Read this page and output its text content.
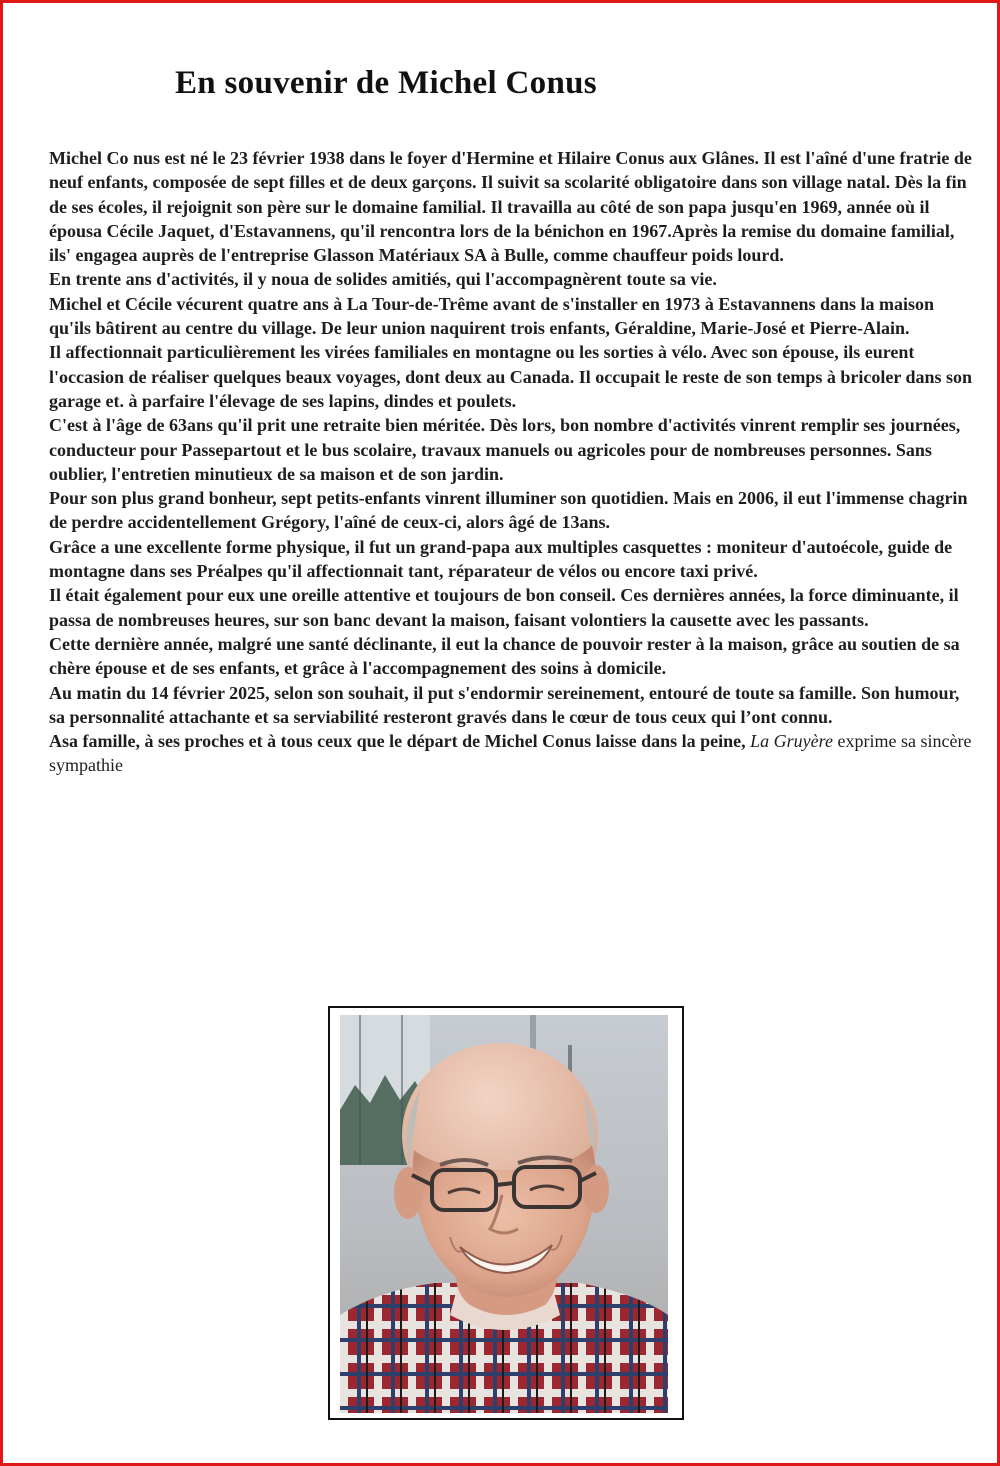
En souvenir de Michel Conus

Michel Co nus est né le 23 février 1938 dans le foyer d'Hermine et Hilaire Conus aux Glânes. Il est l'aîné d'une fratrie de neuf enfants, composée de sept filles et de deux garçons. Il suivit sa scolarité obligatoire dans son village natal. Dès la fin de ses écoles, il rejoignit son père sur le domaine familial. Il travailla au côté de son papa jusqu'en 1969, année où il épousa Cécile Jaquet, d'Estavannens, qu'il rencontra lors de la bénichon en 1967.Après la remise du domaine familial, ils' engagea auprès de l'entreprise Glasson Matériaux SA à Bulle, comme chauffeur poids lourd.

En trente ans d'activités, il y noua de solides amitiés, qui l'accompagnèrent toute sa vie.

Michel et Cécile vécurent quatre ans à La Tour-de-Trême avant de s'installer en 1973 à Estavannens dans la maison qu'ils bâtirent au centre du village. De leur union naquirent trois enfants, Géraldine, Marie-José et Pierre-Alain.

Il affectionnait particulièrement les virées familiales en montagne ou les sorties à vélo. Avec son épouse, ils eurent l'occasion de réaliser quelques beaux voyages, dont deux au Canada. Il occupait le reste de son temps à bricoler dans son garage et. à parfaire l'élevage de ses lapins, dindes et poulets.

C'est à l'âge de 63ans qu'il prit une retraite bien méritée. Dès lors, bon nombre d'activités vinrent remplir ses journées, conducteur pour Passepartout et le bus scolaire, travaux manuels ou agricoles pour de nombreuses personnes. Sans oublier, l'entretien minutieux de sa maison et de son jardin.

Pour son plus grand bonheur, sept petits-enfants vinrent illuminer son quotidien. Mais en 2006, il eut l'immense chagrin de perdre accidentellement Grégory, l'aîné de ceux-ci, alors âgé de 13ans.

Grâce a une excellente forme physique, il fut un grand-papa aux multiples casquettes : moniteur d'autoécole, guide de montagne dans ses Préalpes qu'il affectionnait tant, réparateur de vélos ou encore taxi privé.

Il était également pour eux une oreille attentive et toujours de bon conseil. Ces dernières années, la force diminuante, il passa de nombreuses heures, sur son banc devant la maison, faisant volontiers la causette avec les passants.

Cette dernière année, malgré une santé déclinante, il eut la chance de pouvoir rester à la maison, grâce au soutien de sa chère épouse et de ses enfants, et grâce à l'accompagnement des soins à domicile.

Au matin du 14 février 2025, selon son souhait, il put s'endormir sereinement, entouré de toute sa famille. Son humour, sa personnalité attachante et sa serviabilité resteront gravés dans le cœur de tous ceux qui l’ont connu.

Asa famille, à ses proches et à tous ceux que le départ de Michel Conus laisse dans la peine, La Gruyère exprime sa sincère sympathie
